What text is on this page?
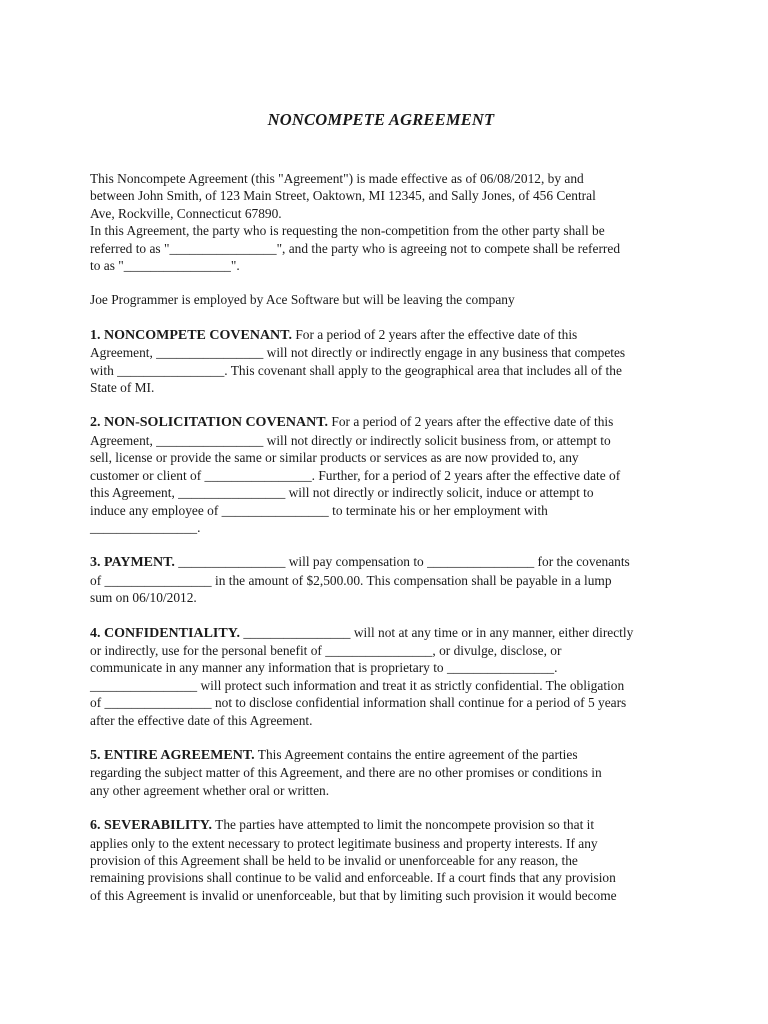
NONCOMPETE AGREEMENT
This Noncompete Agreement (this "Agreement") is made effective as of 06/08/2012, by and
between John Smith, of 123 Main Street, Oaktown, MI 12345, and Sally Jones, of 456 Central
Ave, Rockville, Connecticut 67890.
In this Agreement, the party who is requesting the non-competition from the other party shall be
referred to as "________________", and the party who is agreeing not to compete shall be referred
to as "________________".
Joe Programmer is employed by Ace Software but will be leaving the company
1. NONCOMPETE COVENANT. For a period of 2 years after the effective date of this
Agreement, ________________ will not directly or indirectly engage in any business that competes
with ________________. This covenant shall apply to the geographical area that includes all of the
State of MI.
2. NON-SOLICITATION COVENANT. For a period of 2 years after the effective date of this
Agreement, ________________ will not directly or indirectly solicit business from, or attempt to
sell, license or provide the same or similar products or services as are now provided to, any
customer or client of ________________. Further, for a period of 2 years after the effective date of
this Agreement, ________________ will not directly or indirectly solicit, induce or attempt to
induce any employee of ________________ to terminate his or her employment with
________________.
3. PAYMENT. ________________ will pay compensation to ________________ for the covenants
of ________________ in the amount of $2,500.00. This compensation shall be payable in a lump
sum on 06/10/2012.
4. CONFIDENTIALITY. ________________ will not at any time or in any manner, either directly
or indirectly, use for the personal benefit of ________________, or divulge, disclose, or
communicate in any manner any information that is proprietary to ________________.
________________ will protect such information and treat it as strictly confidential. The obligation
of ________________ not to disclose confidential information shall continue for a period of 5 years
after the effective date of this Agreement.
5. ENTIRE AGREEMENT. This Agreement contains the entire agreement of the parties
regarding the subject matter of this Agreement, and there are no other promises or conditions in
any other agreement whether oral or written.
6. SEVERABILITY. The parties have attempted to limit the noncompete provision so that it
applies only to the extent necessary to protect legitimate business and property interests. If any
provision of this Agreement shall be held to be invalid or unenforceable for any reason, the
remaining provisions shall continue to be valid and enforceable. If a court finds that any provision
of this Agreement is invalid or unenforceable, but that by limiting such provision it would become
